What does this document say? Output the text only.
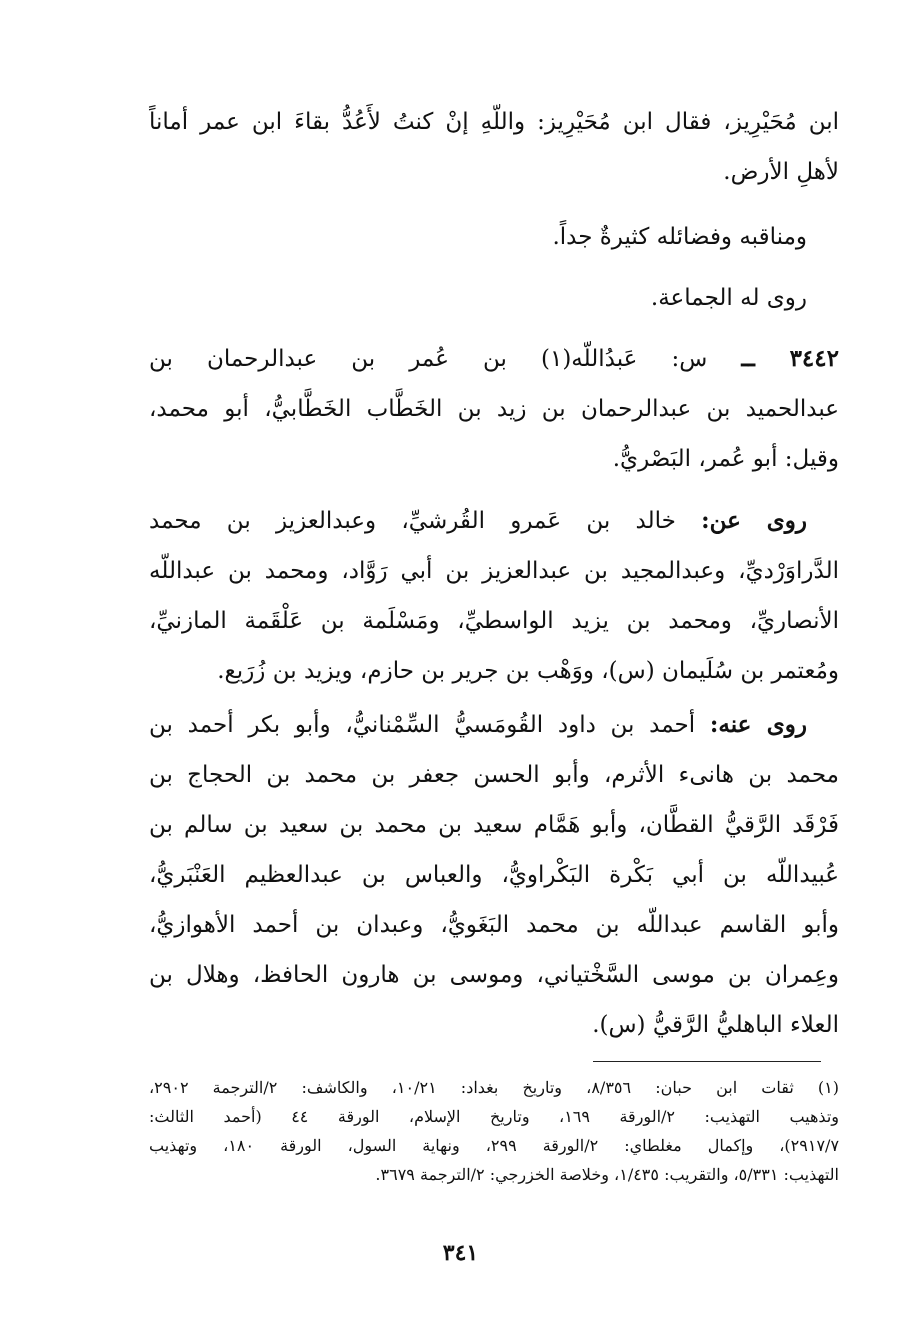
ابن مُحَيْرِيز، فقال ابن مُحَيْرِيز: واللّهِ إنْ كنتُ لأَعُدُّ بقاءَ ابن عمر أماناً
لأهلِ الأرض.
ومناقبه وفضائله كثيرةٌ جداً.
روى له الجماعة.
٣٤٤٢ ــ س: عَبدُاللّه(١) بن عُمر بن عبدالرحمان بن
عبدالحميد بن عبدالرحمان بن زيد بن الخَطَّاب الخَطَّابيُّ، أبو محمد،
وقيل: أبو عُمر، البَصْريُّ.
روى عن: خالد بن عَمرو القُرشيِّ، وعبدالعزيز بن محمد
الدَّراوَرْديِّ، وعبدالمجيد بن عبدالعزيز بن أبي رَوَّاد، ومحمد بن عبداللّه
الأنصاريِّ، ومحمد بن يزيد الواسطيِّ، ومَسْلَمة بن عَلْقَمة المازنيِّ،
ومُعتمر بن سُلَيمان (س)، ووَهْب بن جرير بن حازم، ويزيد بن زُرَيع.
روى عنه: أحمد بن داود القُومَسيُّ السِّمْنانيُّ، وأبو بكر أحمد بن
محمد بن هانىء الأثرم، وأبو الحسن جعفر بن محمد بن الحجاج بن
فَرْقَد الرَّقيُّ القطَّان، وأبو هَمَّام سعيد بن محمد بن سعيد بن سالم بن
عُبيداللّه بن أبي بَكْرة البَكْراويُّ، والعباس بن عبدالعظيم العَنْبَريُّ،
وأبو القاسم عبداللّه بن محمد البَغَويُّ، وعبدان بن أحمد الأهوازيُّ،
وعِمران بن موسى السَّخْتياني، وموسى بن هارون الحافظ، وهلال بن
العلاء الباهليُّ الرَّقيُّ (س).
(١) ثقات ابن حبان: ٨/٣٥٦، وتاريخ بغداد: ١٠/٢١، والكاشف: ٢/الترجمة ٢٩٠٢،
وتذهيب التهذيب: ٢/الورقة ١٦٩، وتاريخ الإسلام، الورقة ٤٤ (أحمد الثالث:
٢٩١٧/٧)، وإكمال مغلطاي: ٢/الورقة ٢٩٩، ونهاية السول، الورقة ١٨٠، وتهذيب
التهذيب: ٥/٣٣١، والتقريب: ١/٤٣٥، وخلاصة الخزرجي: ٢/الترجمة ٣٦٧٩.
٣٤١
